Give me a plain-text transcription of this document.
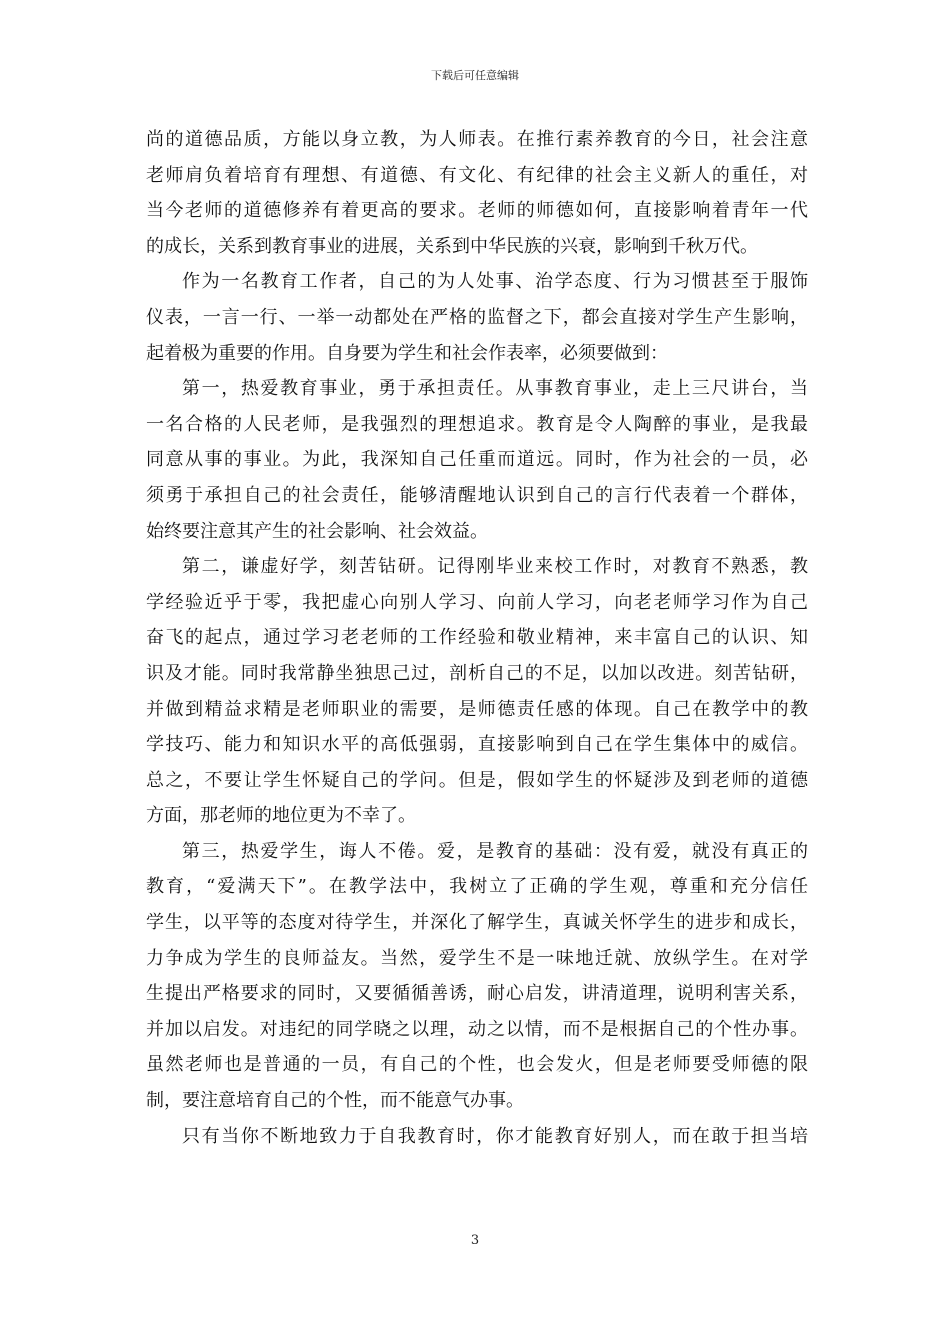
下载后可任意编辑
尚的道德品质，方能以身立教，为人师表。在推行素养教育的今日，社会注意
老师肩负着培育有理想、有道德、有文化、有纪律的社会主义新人的重任，对
当今老师的道德修养有着更高的要求。老师的师德如何，直接影响着青年一代
的成长，关系到教育事业的进展，关系到中华民族的兴衰，影响到千秋万代。
作为一名教育工作者，自己的为人处事、治学态度、行为习惯甚至于服饰
仪表，一言一行、一举一动都处在严格的监督之下，都会直接对学生产生影响，
起着极为重要的作用。自身要为学生和社会作表率，必须要做到：
第一，热爱教育事业，勇于承担责任。从事教育事业，走上三尺讲台，当
一名合格的人民老师，是我强烈的理想追求。教育是令人陶醉的事业，是我最
同意从事的事业。为此，我深知自己任重而道远。同时，作为社会的一员，必
须勇于承担自己的社会责任，能够清醒地认识到自己的言行代表着一个群体，
始终要注意其产生的社会影响、社会效益。
第二，谦虚好学，刻苦钻研。记得刚毕业来校工作时，对教育不熟悉，教
学经验近乎于零，我把虚心向别人学习、向前人学习，向老老师学习作为自己
奋飞的起点，通过学习老老师的工作经验和敬业精神，来丰富自己的认识、知
识及才能。同时我常静坐独思己过，剖析自己的不足，以加以改进。刻苦钻研，
并做到精益求精是老师职业的需要，是师德责任感的体现。自己在教学中的教
学技巧、能力和知识水平的高低强弱，直接影响到自己在学生集体中的威信。
总之，不要让学生怀疑自己的学问。但是，假如学生的怀疑涉及到老师的道德
方面，那老师的地位更为不幸了。
第三，热爱学生，诲人不倦。爱，是教育的基础：没有爱，就没有真正的
教育，“爱满天下”。在教学法中，我树立了正确的学生观，尊重和充分信任
学生，以平等的态度对待学生，并深化了解学生，真诚关怀学生的进步和成长，
力争成为学生的良师益友。当然，爱学生不是一味地迁就、放纵学生。在对学
生提出严格要求的同时，又要循循善诱，耐心启发，讲清道理，说明利害关系，
并加以启发。对违纪的同学晓之以理，动之以情，而不是根据自己的个性办事。
虽然老师也是普通的一员，有自己的个性，也会发火，但是老师要受师德的限
制，要注意培育自己的个性，而不能意气办事。
只有当你不断地致力于自我教育时，你才能教育好别人，而在敢于担当培
3
